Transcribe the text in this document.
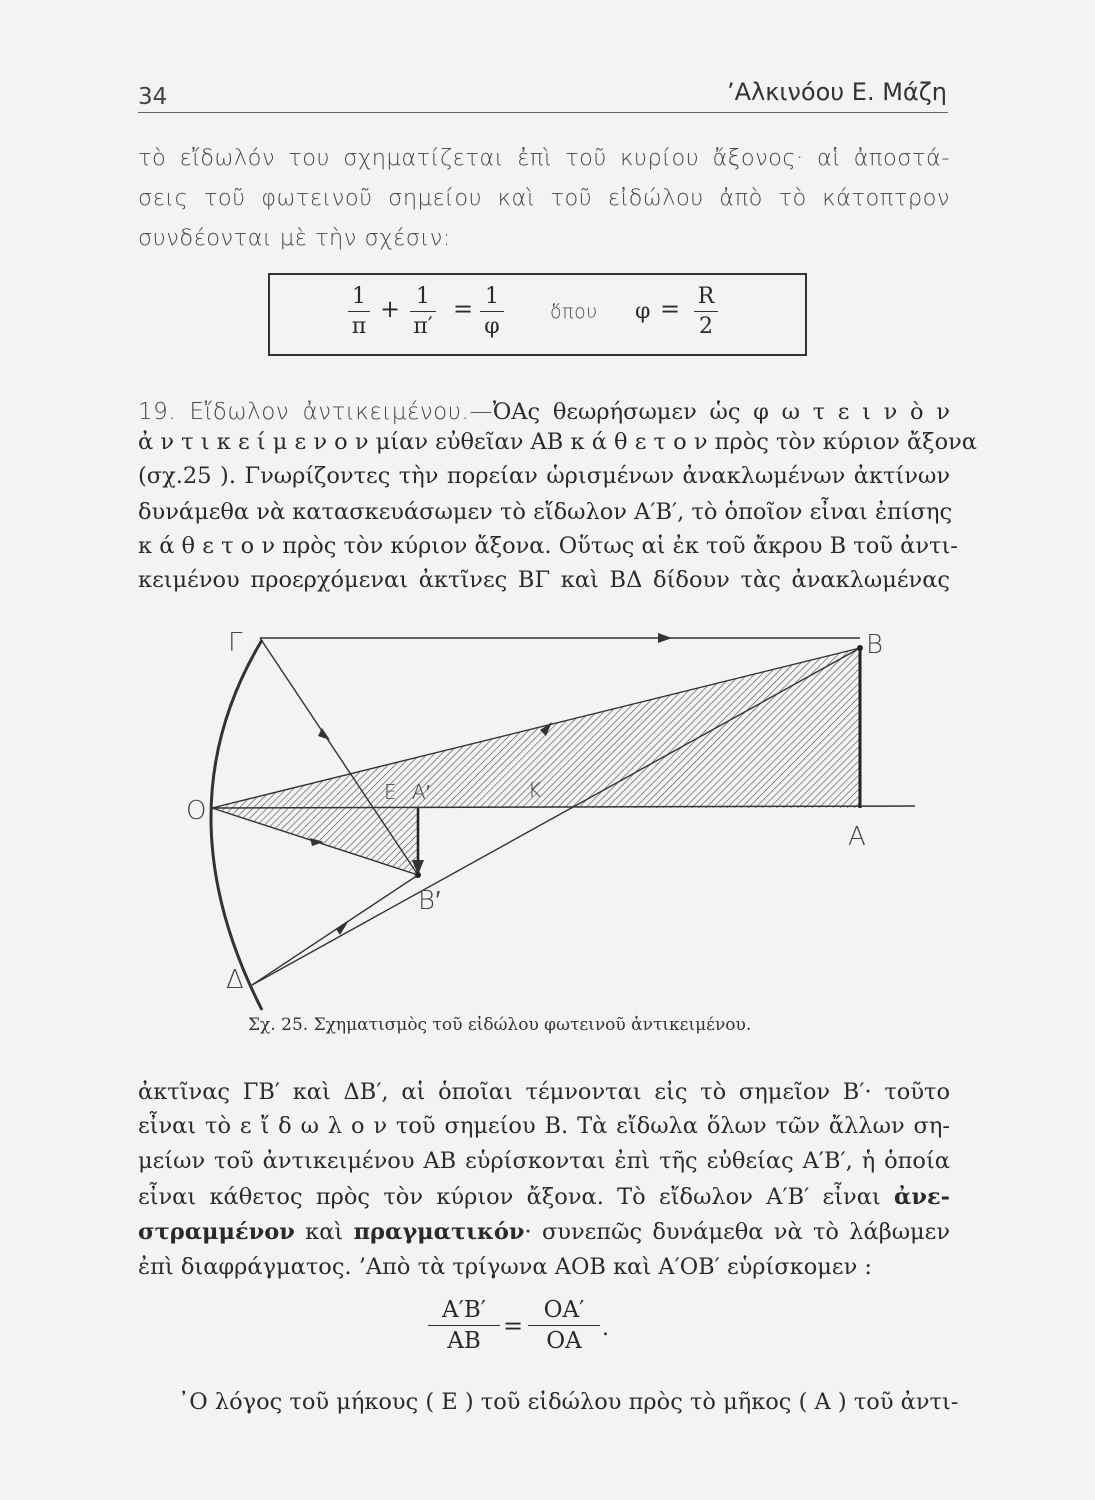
34	’Αλκινόου Ε. Μάζη
τὸ εἴδωλόν του σχηματίζεται ἐπὶ τοῦ κυρίου ἄξονος· αἱ ἀποστά-
σεις τοῦ φωτεινοῦ σημείου καὶ τοῦ εἰδώλου ἀπὸ τὸ κάτοπτρον
συνδέονται μὲ τὴν σχέσιν:
$\frac{1}{\pi} + \frac{1}{\pi'} = \frac{1}{\varphi}$ ὅπου $\varphi = \frac{R}{2}$
19. Εἴδωλον ἀντικειμένου.—ὈΑς θεωρήσωμεν ὡς φ ω τ ε ι ν ὸ ν
ἀ ν τ ι κ ε ί μ ε ν ο ν μίαν εὐθεῖαν ΑΒ κ ά θ ε τ ο ν πρὸς τὸν κύριον ἄξονα
(σχ.25 ). Γνωρίζοντες τὴν πορείαν ὡρισμένων ἀνακλωμένων ἀκτίνων
δυνάμεθα νὰ κατασκευάσωμεν τὸ εἴδωλον Α′Β′, τὸ ὁποῖον εἶναι ἐπίσης
κ ά θ ε τ ο ν πρὸς τὸν κύριον ἄξονα. Οὕτως αἱ ἐκ τοῦ ἄκρου Β τοῦ ἀντι-
κειμένου προερχόμεναι ἀκτῖνες ΒΓ καὶ ΒΔ δίδουν τὰς ἀνακλωμένας
Γ	B
O
E A′	K
A
B′
Δ
Σχ. 25. Σχηματισμὸς τοῦ εἰδώλου φωτεινοῦ ἀντικειμένου.
ἀκτῖνας ΓΒ′ καὶ ΔΒ′, αἱ ὁποῖαι τέμνονται εἰς τὸ σημεῖον Β′· τοῦτο
εἶναι τὸ ε ἴ δ ω λ ο ν τοῦ σημείου Β. Τὰ εἴδωλα ὅλων τῶν ἄλλων ση-
μείων τοῦ ἀντικειμένου ΑΒ εὑρίσκονται ἐπὶ τῆς εὐθείας Α′Β′, ἡ ὁποία
εἶναι κάθετος πρὸς τὸν κύριον ἄξονα. Τὸ εἴδωλον Α′Β′ εἶναι ἀνε-
στραμμένον καὶ πραγματικόν· συνεπῶς δυνάμεθα νὰ τὸ λάβωμεν
ἐπὶ διαφράγματος. ’Απὸ τὰ τρίγωνα ΑΟΒ καὶ Α′ΟΒ′ εὑρίσκομεν :
$\frac{A'B'}{AB} = \frac{OA'}{OA}$ .
᾿Ο λόγος τοῦ μήκους ( Ε ) τοῦ εἰδώλου πρὸς τὸ μῆκος ( Α ) τοῦ ἀντι-
